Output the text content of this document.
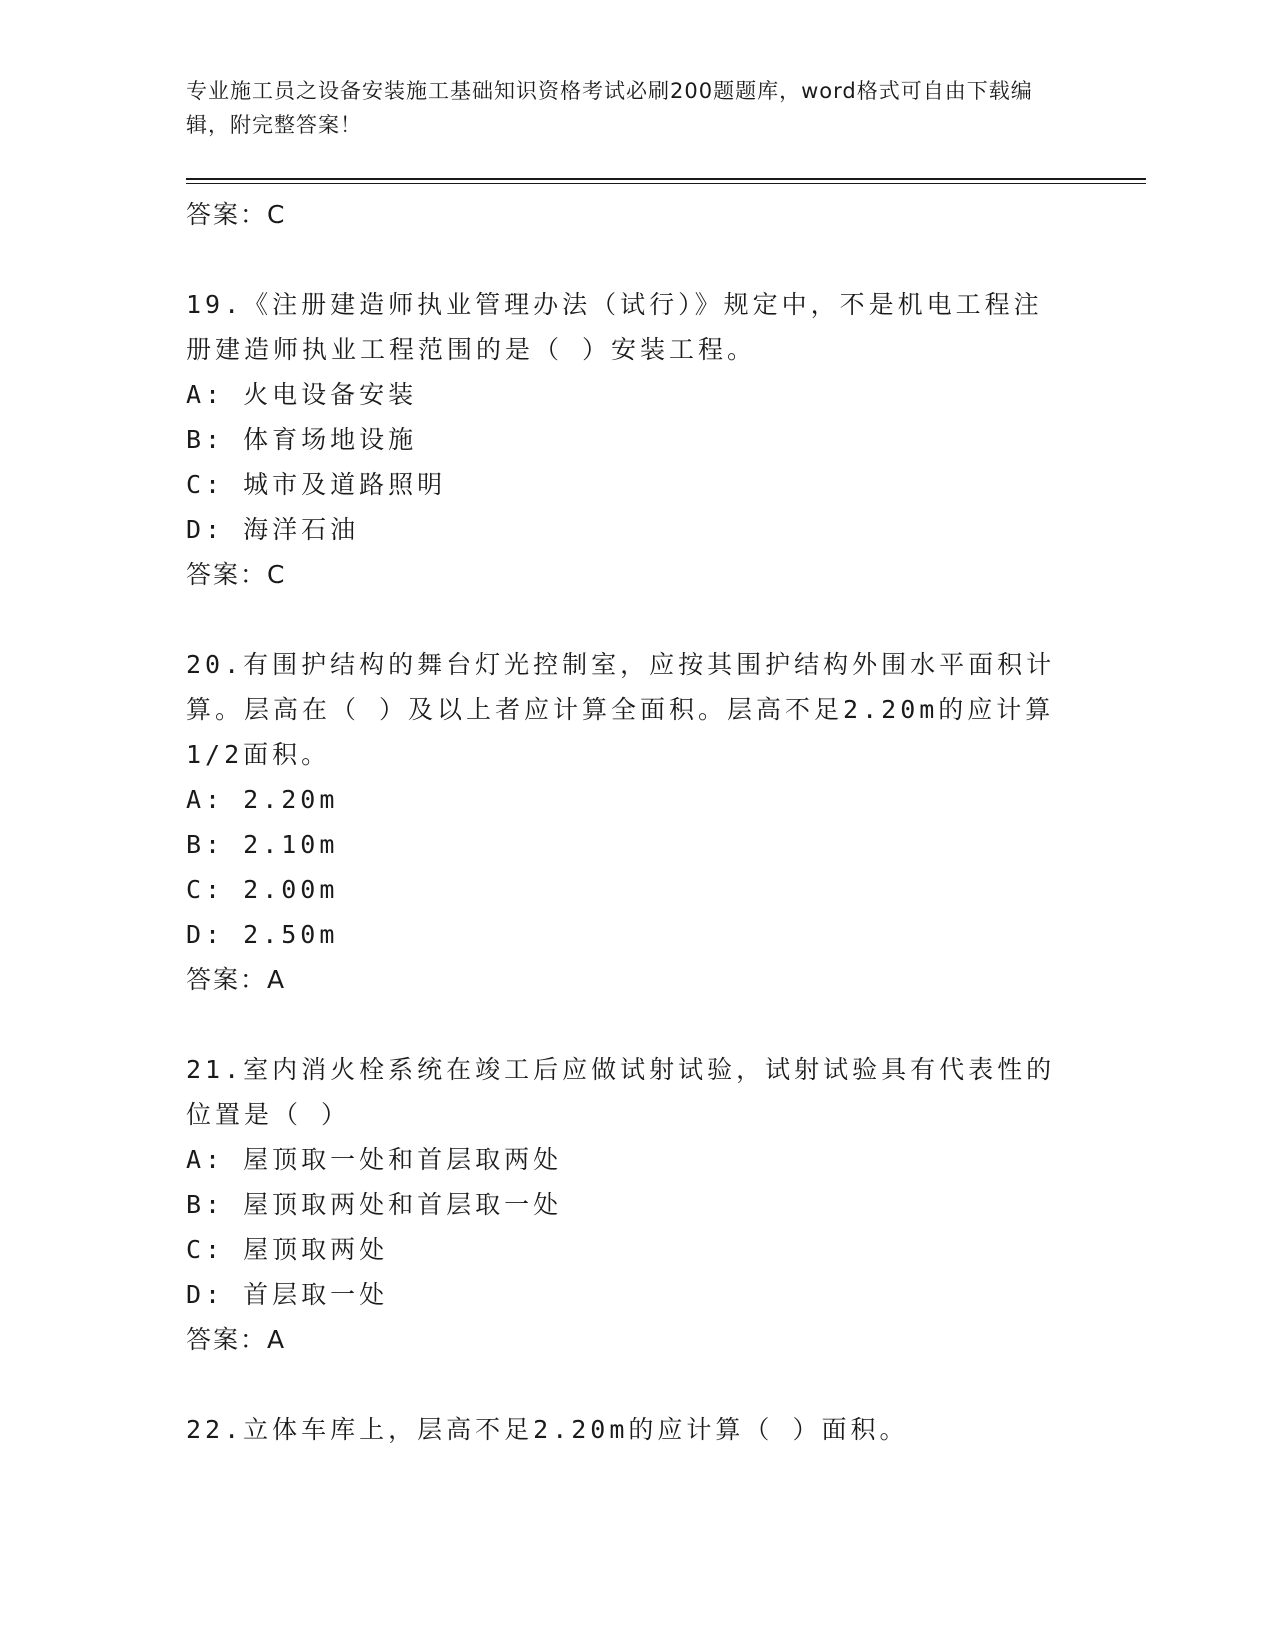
专业施工员之设备安装施工基础知识资格考试必刷200题题库，word格式可自由下载编辑，附完整答案！
答案：C
19.《注册建造师执业管理办法（试行）》规定中，不是机电工程注册建造师执业工程范围的是（ ）安装工程。
A: 火电设备安装
B: 体育场地设施
C: 城市及道路照明
D: 海洋石油
答案：C
20.有围护结构的舞台灯光控制室，应按其围护结构外围水平面积计算。层高在（ ）及以上者应计算全面积。层高不足2.20m的应计算1/2面积。
A: 2.20m
B: 2.10m
C: 2.00m
D: 2.50m
答案：A
21.室内消火栓系统在竣工后应做试射试验，试射试验具有代表性的位置是（ ）
A: 屋顶取一处和首层取两处
B: 屋顶取两处和首层取一处
C: 屋顶取两处
D: 首层取一处
答案：A
22.立体车库上，层高不足2.20m的应计算（ ）面积。
